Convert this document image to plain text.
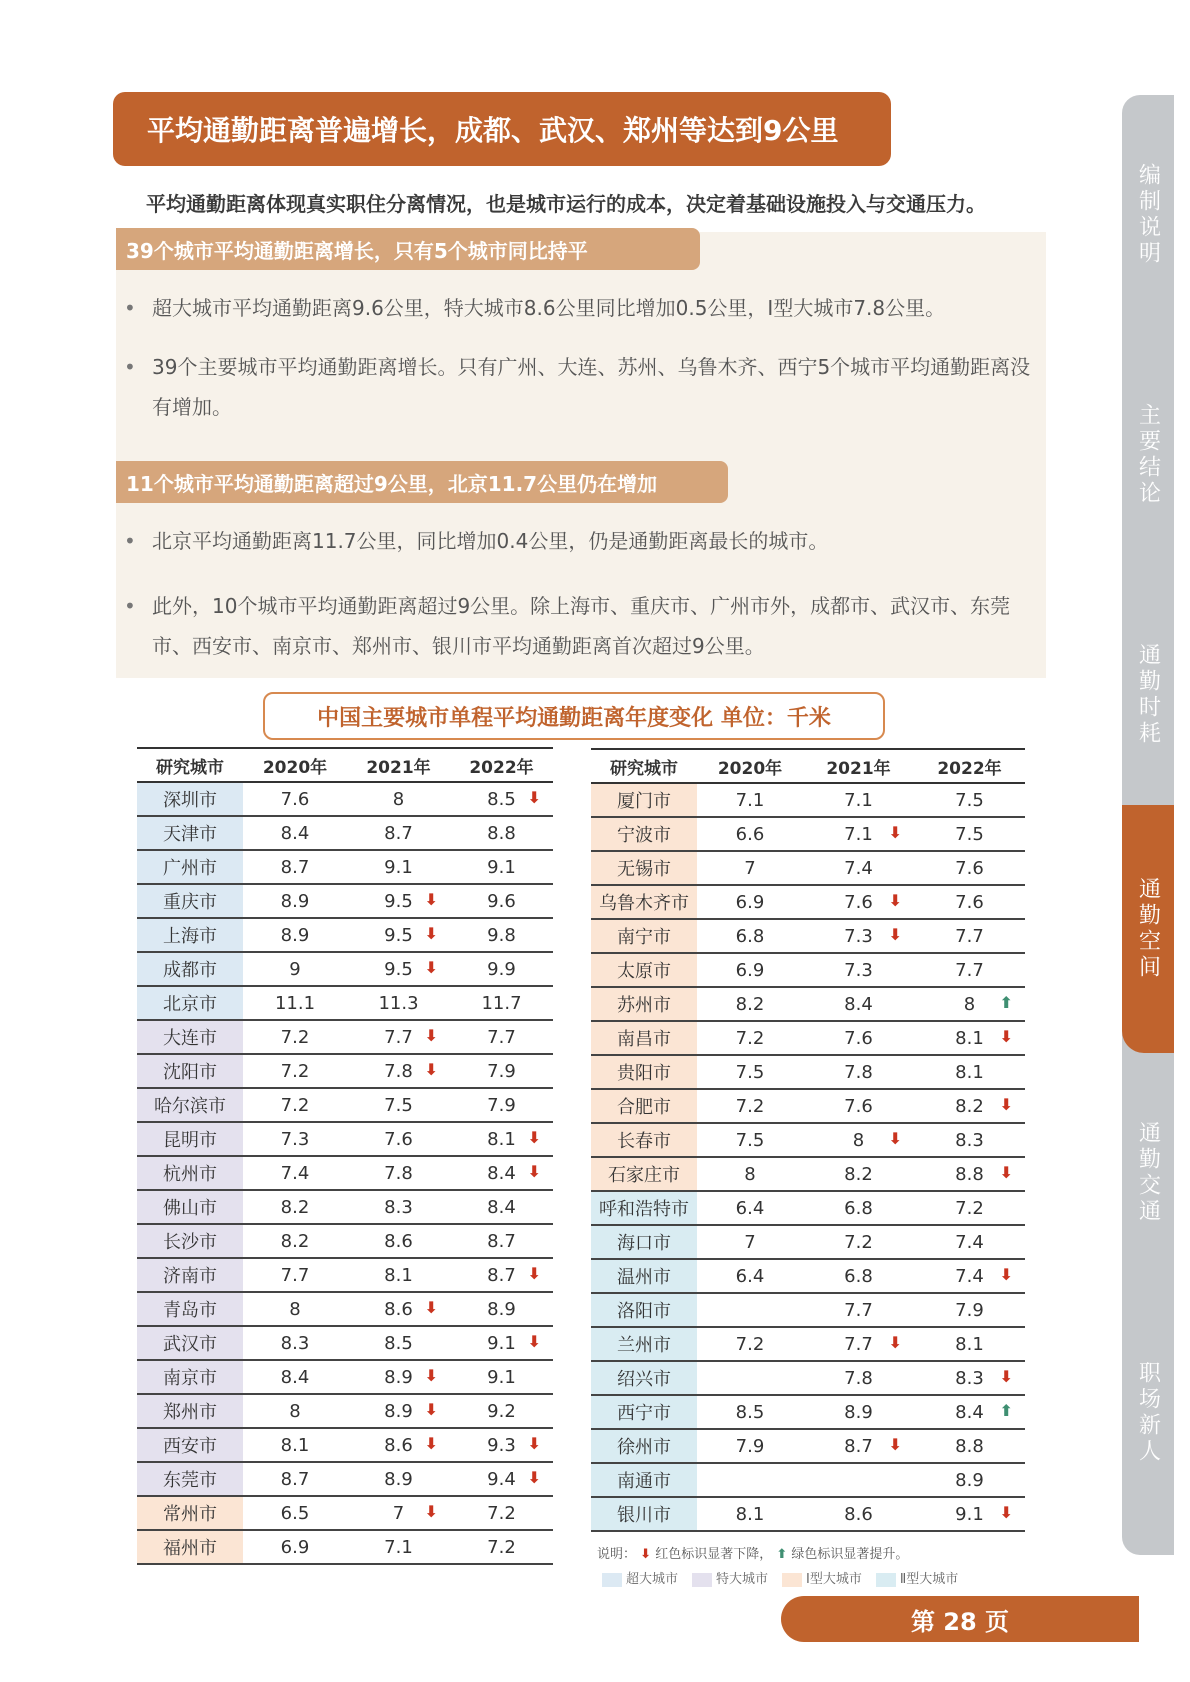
平均通勤距离普遍增长，成都、武汉、郑州等达到9公里
平均通勤距离体现真实职住分离情况，也是城市运行的成本，决定着基础设施投入与交通压力。
39个城市平均通勤距离增长，只有5个城市同比持平
• 超大城市平均通勤距离9.6公里，特大城市8.6公里同比增加0.5公里，Ⅰ型大城市7.8公里。
• 39个主要城市平均通勤距离增长。只有广州、大连、苏州、乌鲁木齐、西宁5个城市平均通勤距离没有增加。
11个城市平均通勤距离超过9公里，北京11.7公里仍在增加
• 北京平均通勤距离11.7公里，同比增加0.4公里，仍是通勤距离最长的城市。
• 此外，10个城市平均通勤距离超过9公里。除上海市、重庆市、广州市外，成都市、武汉市、东莞市、西安市、南京市、郑州市、银川市平均通勤距离首次超过9公里。
中国主要城市单程平均通勤距离年度变化 单位：千米
研究城市	2020年	2021年	2022年
深圳市	7.6	8	8.5 ⬇

天津市	8.4	8.7	8.8
广州市	8.7	9.1	9.1
重庆市	8.9	9.5 ⬇	9.6
上海市	8.9	9.5 ⬇	9.8
成都市	9	9.5 ⬇	9.9
北京市	11.1	11.3	11.7
大连市	7.2	7.7 ⬇	7.7
沈阳市	7.2	7.8 ⬇	7.9
哈尔滨市	7.2	7.5	7.9
昆明市	7.3	7.6	8.1 ⬇

杭州市	7.4	7.8	8.4 ⬇

佛山市	8.2	8.3	8.4
长沙市	8.2	8.6	8.7
济南市	7.7	8.1	8.7 ⬇

青岛市	8	8.6 ⬇	8.9
武汉市	8.3	8.5	9.1 ⬇

南京市	8.4	8.9 ⬇	9.1
郑州市	8	8.9 ⬇	9.2
西安市	8.1	8.6 ⬇	9.3 ⬇

东莞市	8.7	8.9	9.4 ⬇

常州市	6.5	7 ⬇	7.2
福州市	6.9	7.1	7.2
研究城市	2020年	2021年	2022年
厦门市	7.1	7.1	7.5
宁波市	6.6	7.1 ⬇	7.5
无锡市	7	7.4	7.6
乌鲁木齐市	6.9	7.6 ⬇	7.6
南宁市	6.8	7.3 ⬇	7.7
太原市	6.9	7.3	7.7
苏州市	8.2	8.4	8 ⬆

南昌市	7.2	7.6	8.1 ⬇

贵阳市	7.5	7.8	8.1
合肥市	7.2	7.6	8.2 ⬇

长春市	7.5	8 ⬇	8.3
石家庄市	8	8.2	8.8 ⬇

呼和浩特市	6.4	6.8	7.2
海口市	7	7.2	7.4
温州市	6.4	6.8	7.4 ⬇

洛阳市		7.7	7.9
兰州市	7.2	7.7 ⬇	8.1
绍兴市		7.8	8.3 ⬇

西宁市	8.5	8.9	8.4 ⬆

徐州市	7.9	8.7 ⬇	8.8
南通市			8.9
银川市	8.1	8.6	9.1 ⬇
说明： ⬇ 红色标识显著下降， ⬆ 绿色标识显著提升。
超大城市	特大城市	Ⅰ型大城市	Ⅱ型大城市
第 28 页
编制说明
主要结论
通勤时耗
通勤空间
通勤交通
职场新人
